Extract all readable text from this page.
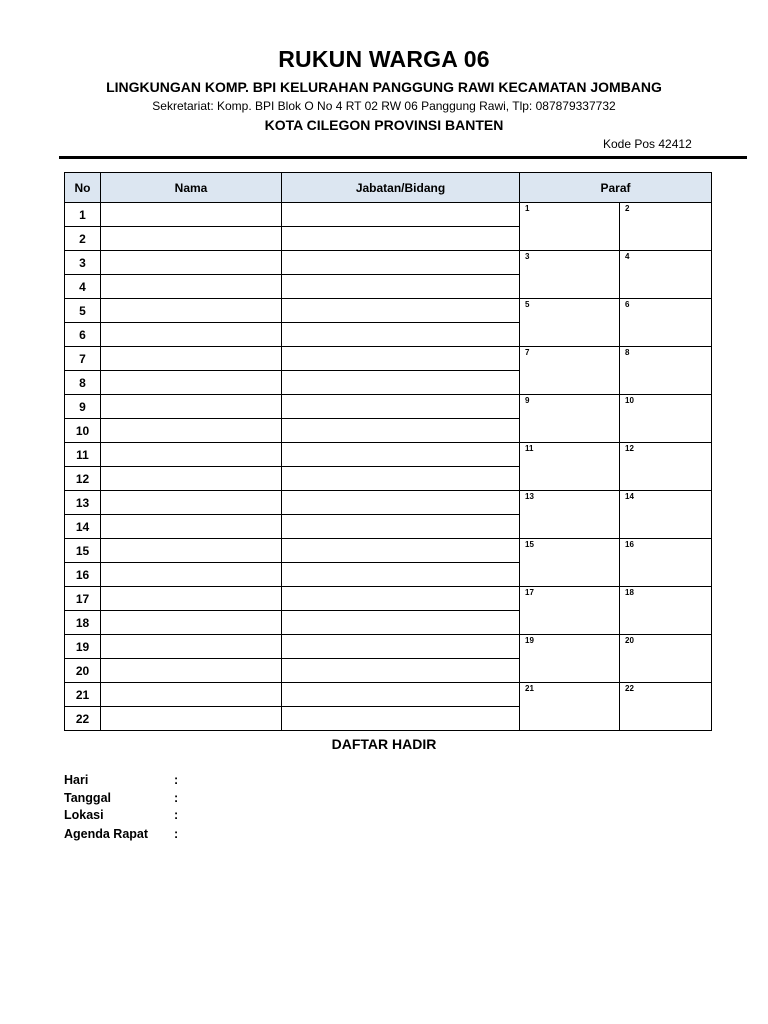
RUKUN WARGA 06
LINGKUNGAN KOMP. BPI KELURAHAN PANGGUNG RAWI KECAMATAN JOMBANG
Sekretariat: Komp. BPI Blok O No 4 RT 02 RW 06 Panggung Rawi, Tlp: 087879337732
KOTA CILEGON PROVINSI BANTEN
Kode Pos 42412
No	Nama	Jabatan/Bidang	Paraf	
1			1	2
2				
3			3	4
4				
5			5	6
6				
7			7	8
8				
9			9	10
10				
11			11	12
12				
13			13	14
14				
15			15	16
16				
17			17	18
18				
19			19	20
20				
21			21	22
22				
DAFTAR HADIR
Hari	:
Tanggal	:
Lokasi	:
Agenda Rapat :
